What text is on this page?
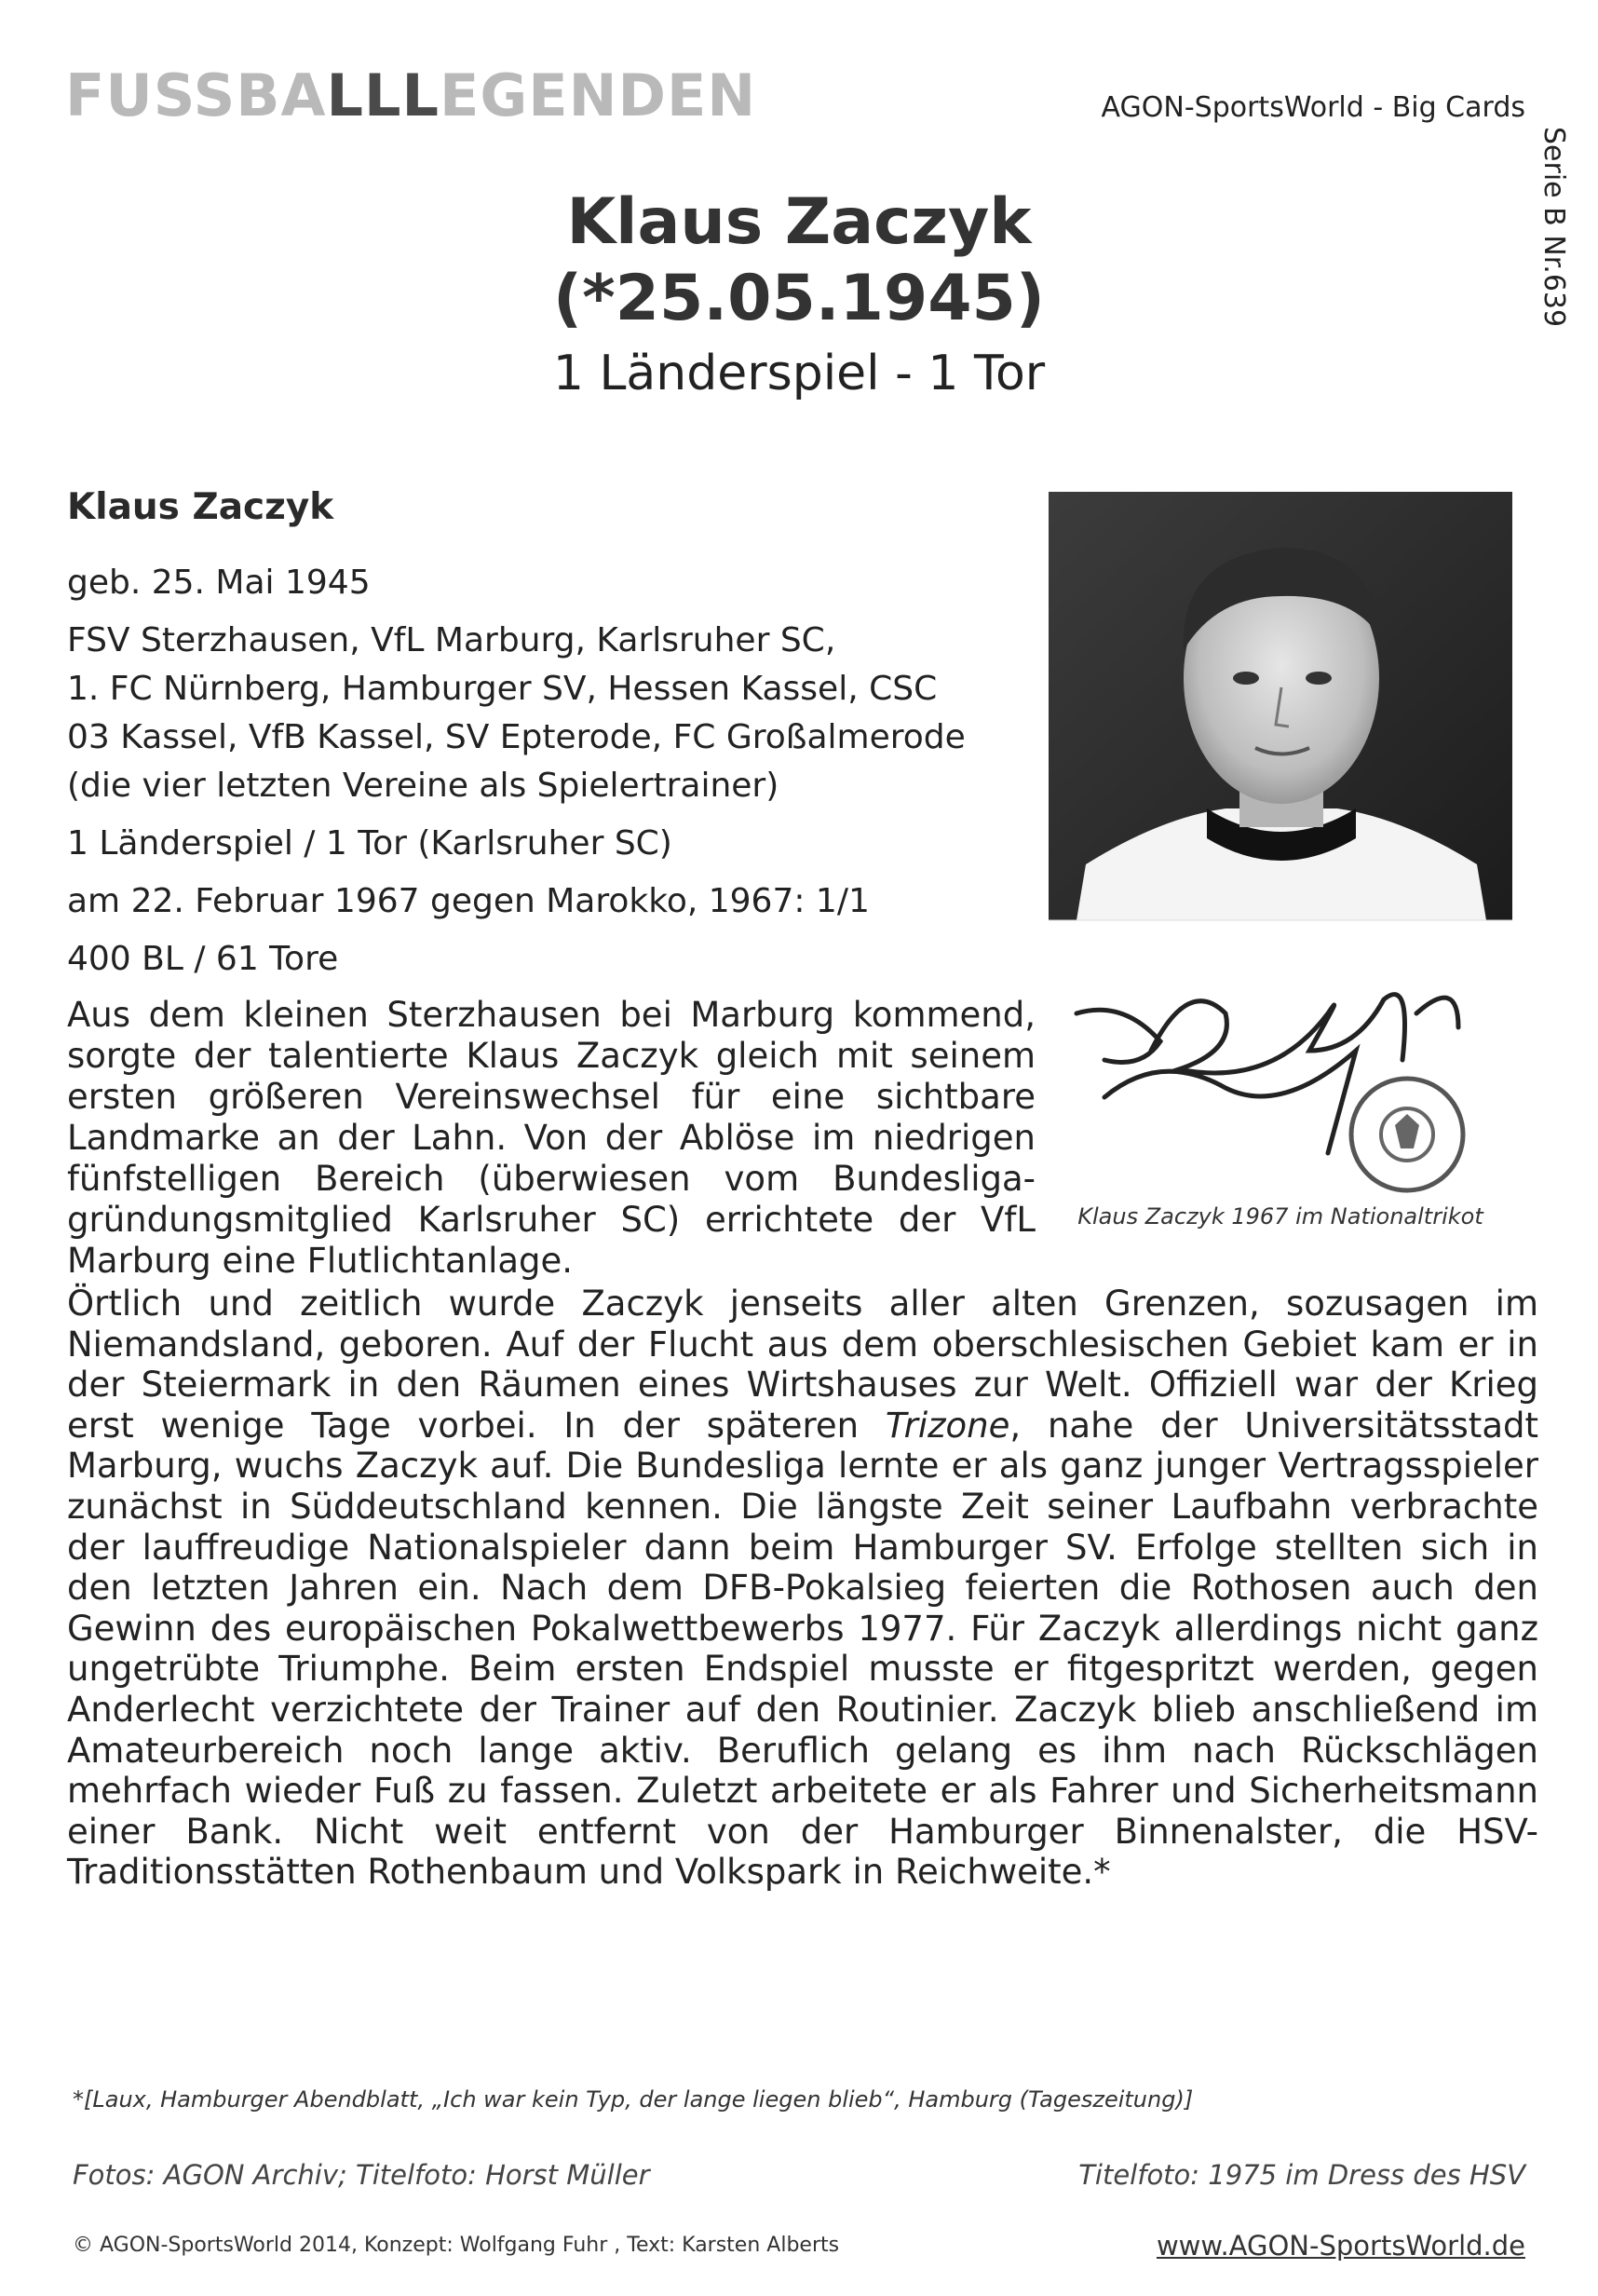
FUSSBALLLEGENDEN	AGON-SportsWorld - Big Cards

Serie B Nr.639

Klaus Zaczyk

(*25.05.1945)

1 Länderspiel - 1 Tor

Klaus Zaczyk

geb. 25. Mai 1945

FSV Sterzhausen, VfL Marburg, Karlsruher SC,

1. FC Nürnberg, Hamburger SV, Hessen Kassel, CSC

03 Kassel, VfB Kassel, SV Epterode, FC Großalmerode

(die vier letzten Vereine als Spielertrainer)

1 Länderspiel / 1 Tor (Karlsruher SC)

am 22. Februar 1967 gegen Marokko, 1967: 1/1

400 BL / 61 Tore

Klaus Zaczyk 1967 im Nationaltrikot

Aus dem kleinen Sterzhausen bei Marburg kommend, sorgte der talentierte Klaus Zaczyk gleich mit seinem ersten größeren Vereinswechsel für eine sichtbare Landmarke an der Lahn. Von der Ablöse im niedrigen fünfstelligen Bereich (überwiesen vom Bundesliga-gründungsmitglied Karlsruher SC) errichtete der VfL Marburg eine Flutlichtanlage.

Örtlich und zeitlich wurde Zaczyk jenseits aller alten Grenzen, sozusagen im Niemandsland, geboren. Auf der Flucht aus dem oberschlesischen Gebiet kam er in der Steiermark in den Räumen eines Wirtshauses zur Welt. Offiziell war der Krieg erst wenige Tage vorbei. In der späteren Trizone, nahe der Universitätsstadt Marburg, wuchs Zaczyk auf. Die Bundesliga lernte er als ganz junger Vertragsspieler zunächst in Süddeutschland kennen. Die längste Zeit seiner Laufbahn verbrachte der lauffreudige Nationalspieler dann beim Hamburger SV. Erfolge stellten sich in den letzten Jahren ein. Nach dem DFB-Pokalsieg feierten die Rothosen auch den Gewinn des europäischen Pokalwettbewerbs 1977. Für Zaczyk allerdings nicht ganz ungetrübte Triumphe. Beim ersten Endspiel musste er fitgespritzt werden, gegen Anderlecht verzichtete der Trainer auf den Routinier. Zaczyk blieb anschließend im Amateurbereich noch lange aktiv. Beruflich gelang es ihm nach Rückschlägen mehrfach wieder Fuß zu fassen. Zuletzt arbeitete er als Fahrer und Sicherheitsmann einer Bank. Nicht weit entfernt von der Hamburger Binnenalster, die HSV-Traditionsstätten Rothenbaum und Volkspark in Reichweite.*

*[Laux, Hamburger Abendblatt, „Ich war kein Typ, der lange liegen blieb“, Hamburg (Tageszeitung)]

Fotos: AGON Archiv; Titelfoto: Horst Müller	Titelfoto: 1975 im Dress des HSV

© AGON-SportsWorld 2014, Konzept: Wolfgang Fuhr , Text: Karsten Alberts	www.AGON-SportsWorld.de
